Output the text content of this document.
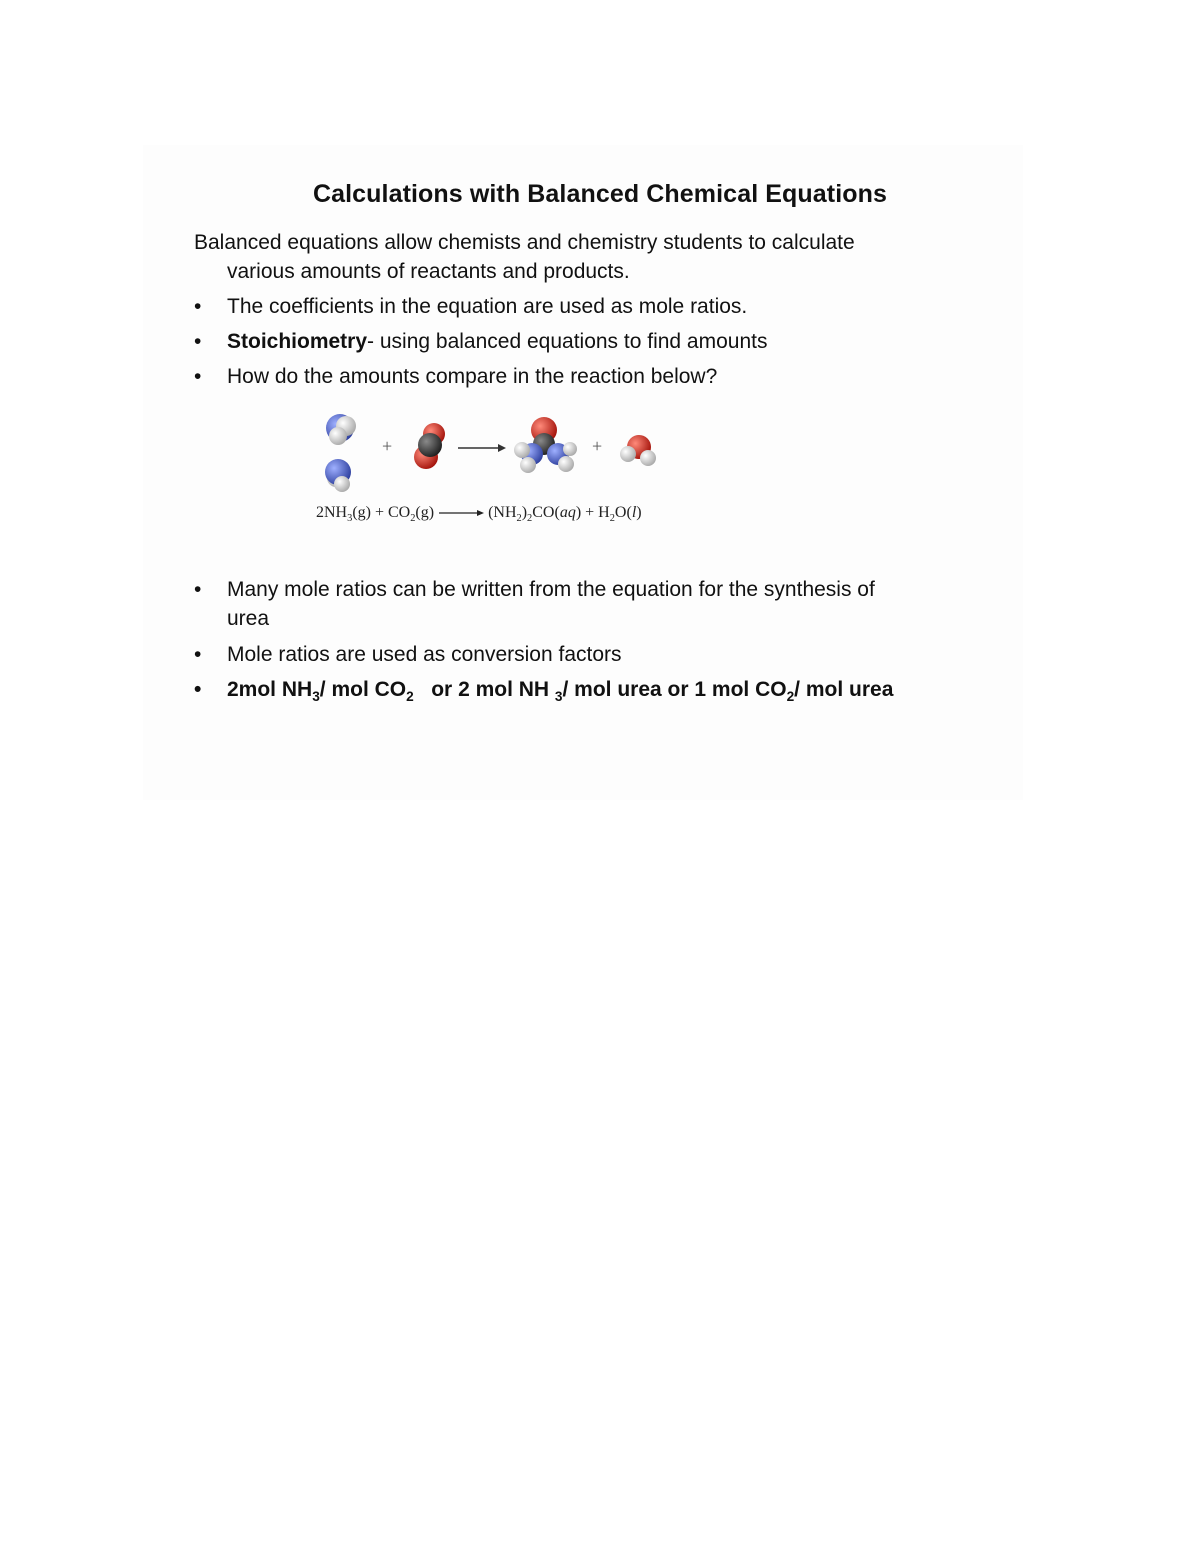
Calculations with Balanced Chemical Equations
Balanced equations allow chemists and chemistry students to calculate
various amounts of reactants and products.
•	The coefficients in the equation are used as mole ratios.
•	Stoichiometry- using balanced equations to find amounts
•	How do the amounts compare in the reaction below?
+	+
$2NH_3(g) + CO_2(g)$	$(NH_2)_2CO(aq) + H_2O(l)$
•	Many mole ratios can be written from the equation for the synthesis of
urea
•	Mole ratios are used as conversion factors
•	2mol $NH_3/$ mol $CO_2$ or 2 mol NH $_3$/ mol urea or 1 mol $CO_2/$ mol urea
